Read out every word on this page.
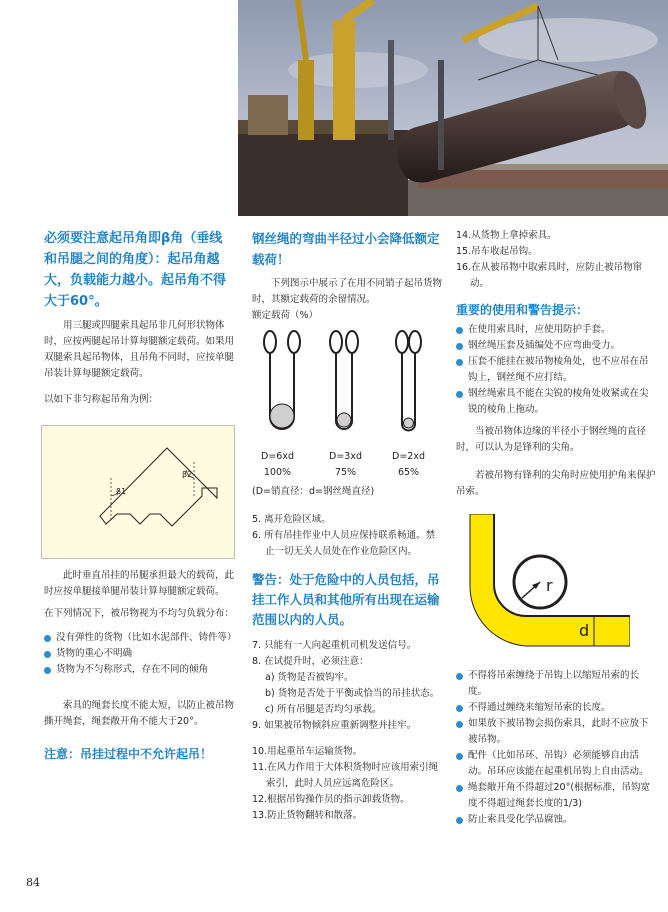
必须要注意起吊角即β角（垂线和吊腿之间的角度）：起吊角越大，负载能力越小。起吊角不得大于60°。

用三腿或四腿索具起吊非几何形状物体时，应按两腿起吊计算每腿额定载荷。如果用双腿索具起吊物体，且吊角不同时，应按单腿吊装计算每腿额定载荷。

以如下非匀称起吊角为例：

β1
β2

此时垂直吊挂的吊腿承担最大的载荷，此时应按单腿接单腿吊装计算每腿额定载荷。

在下列情况下，被吊物视为不均匀负载分布：

没有弹性的货物（比如水泥部件、铸件等）

货物的重心不明确

货物为不匀称形式，存在不同的倾角

索具的绳套长度不能太短，以防止被吊物撕开绳套，绳套敞开角不能大于20°。

注意：吊挂过程中不允许起吊！

钢丝绳的弯曲半径过小会降低额定载荷！

下列图示中展示了在用不同销子起吊货物时，其额定载荷的余留情况。

额定载荷（%）

D=6xd
100%
D=3xd
75%
D=2xd
65%

(D=销直径：d=钢丝绳直径)

5. 离开危险区域。

6. 所有吊挂作业中人员应保持联系畅通。禁止一切无关人员处在作业危险区内。

警告：处于危险中的人员包括，吊挂工作人员和其他所有出现在运输范围以内的人员。

7. 只能有一人向起重机司机发送信号。

8. 在试提升时，必须注意：

a) 货物是否被钩牢。

b) 货物是否处于平衡或恰当的吊挂状态。

c) 所有吊腿是否均匀承载。

9. 如果被吊物倾斜应重新调整并挂牢。

10.用起重吊车运输货物。

11.在风力作用于大体积货物时应该用索引绳索引，此时人员应远离危险区。

12.根据吊钩操作员的指示卸载货物。

13.防止货物翻转和散落。

14.从货物上拿掉索具。

15.吊车收起吊钩。

16.在从被吊物中取索具时，应防止被吊物窜动。

重要的使用和警告提示：

在使用索具时，应使用防护手套。

钢丝绳压套及插编处不应弯曲受力。

压套不能挂在被吊物棱角处，也不应吊在吊钩上，钢丝绳不应打结。

钢丝绳索具不能在尖锐的棱角处收紧或在尖锐的棱角上拖动。

当被吊物体边缘的半径小于钢丝绳的直径时，可以认为是锋利的尖角。

若被吊物有锋利的尖角时应使用护角来保护吊索。

r
d

不得将吊索缠绕于吊钩上以缩短吊索的长度。

不得通过缠绕来缩短吊索的长度。

如果放下被吊物会损伤索具，此时不应放下被吊物。

配件（比如吊环、吊钩）必须能够自由活动。吊环应该能在起重机吊钩上自由活动。

绳套敞开角不得超过20°(根据标准，吊钩宽度不得超过绳套长度的1/3)

防止索具受化学品腐蚀。

84
